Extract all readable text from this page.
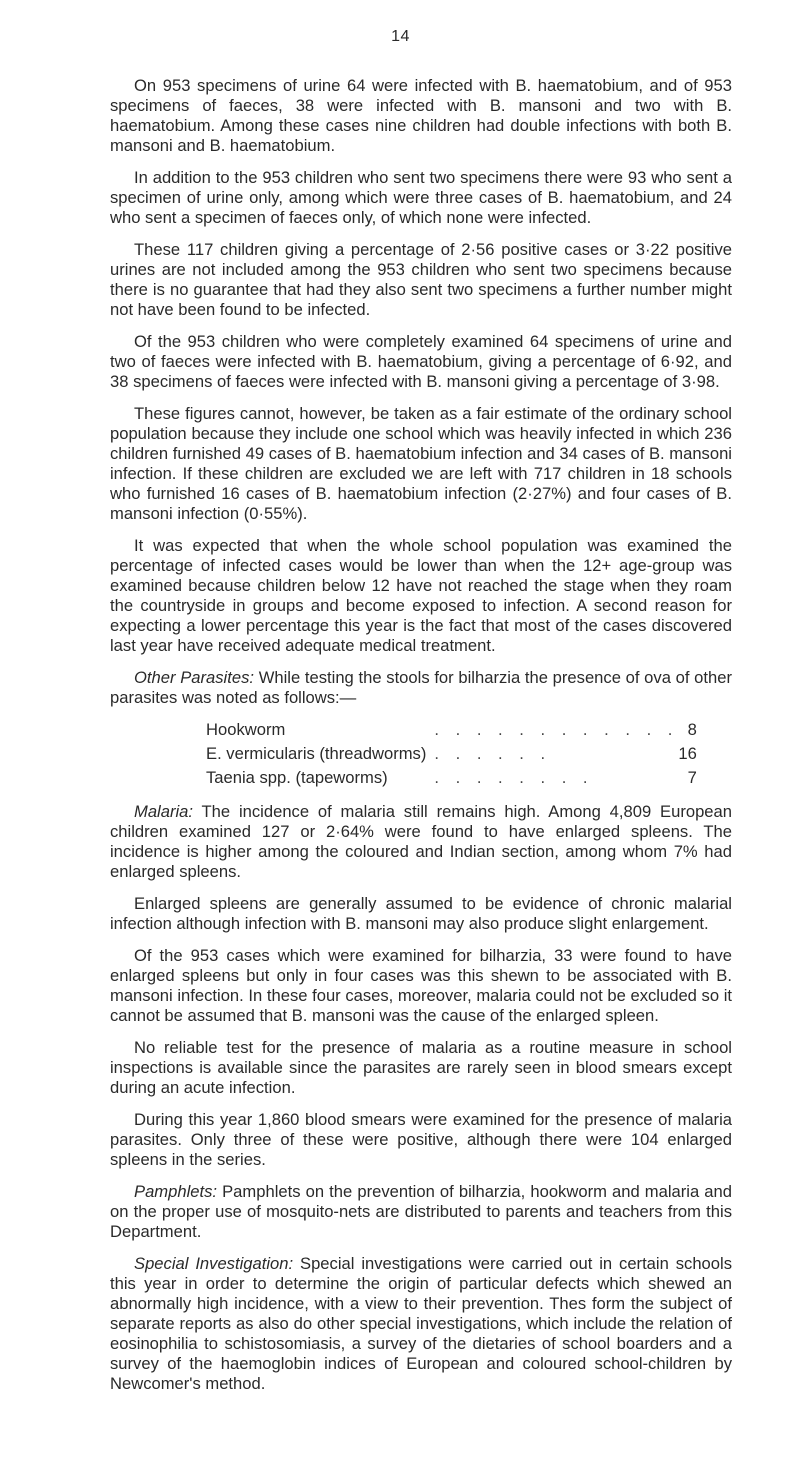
14

On 953 specimens of urine 64 were infected with B. haematobium, and of 953 specimens of faeces, 38 were infected with B. mansoni and two with B. haematobium. Among these cases nine children had double infections with both B. mansoni and B. haematobium.

In addition to the 953 children who sent two specimens there were 93 who sent a specimen of urine only, among which were three cases of B. haematobium, and 24 who sent a specimen of faeces only, of which none were infected.

These 117 children giving a percentage of 2·56 positive cases or 3·22 positive urines are not included among the 953 children who sent two specimens because there is no guarantee that had they also sent two specimens a further number might not have been found to be infected.

Of the 953 children who were completely examined 64 specimens of urine and two of faeces were infected with B. haematobium, giving a percentage of 6·92, and 38 specimens of faeces were infected with B. mansoni giving a percentage of 3·98.

These figures cannot, however, be taken as a fair estimate of the ordinary school population because they include one school which was heavily infected in which 236 children furnished 49 cases of B. haematobium infection and 34 cases of B. mansoni infection. If these children are excluded we are left with 717 children in 18 schools who furnished 16 cases of B. haematobium infection (2·27%) and four cases of B. mansoni infection (0·55%).

It was expected that when the whole school population was examined the percentage of infected cases would be lower than when the 12+ age-group was examined because children below 12 have not reached the stage when they roam the countryside in groups and become exposed to infection. A second reason for expecting a lower percentage this year is the fact that most of the cases discovered last year have received adequate medical treatment.

Other Parasites: While testing the stools for bilharzia the presence of ova of other parasites was noted as follows:—

Hookworm	. . . . . . . . . . . .	8
E. vermicularis (threadworms)	. . . . . .	16
Taenia spp. (tapeworms)	. . . . . . . .	7

Malaria: The incidence of malaria still remains high. Among 4,809 European children examined 127 or 2·64% were found to have enlarged spleens. The incidence is higher among the coloured and Indian section, among whom 7% had enlarged spleens.

Enlarged spleens are generally assumed to be evidence of chronic malarial infection although infection with B. mansoni may also produce slight enlargement.

Of the 953 cases which were examined for bilharzia, 33 were found to have enlarged spleens but only in four cases was this shewn to be associated with B. mansoni infection. In these four cases, moreover, malaria could not be excluded so it cannot be assumed that B. mansoni was the cause of the enlarged spleen.

No reliable test for the presence of malaria as a routine measure in school inspections is available since the parasites are rarely seen in blood smears except during an acute infection.

During this year 1,860 blood smears were examined for the presence of malaria parasites. Only three of these were positive, although there were 104 enlarged spleens in the series.

Pamphlets: Pamphlets on the prevention of bilharzia, hookworm and malaria and on the proper use of mosquito-nets are distributed to parents and teachers from this Department.

Special Investigation: Special investigations were carried out in certain schools this year in order to determine the origin of particular defects which shewed an abnormally high incidence, with a view to their prevention. Thes form the subject of separate reports as also do other special investigations, which include the relation of eosinophilia to schistosomiasis, a survey of the dietaries of school boarders and a survey of the haemoglobin indices of European and coloured school-children by Newcomer's method.
